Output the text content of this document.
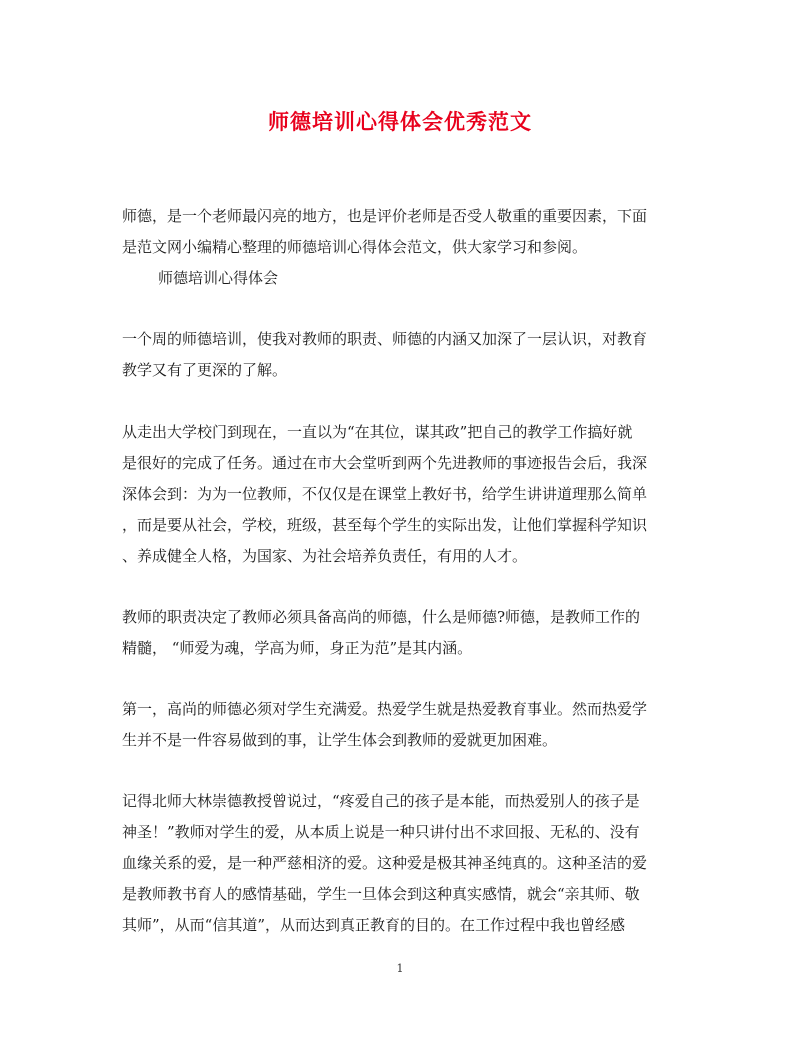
师德培训心得体会优秀范文
师德，是一个老师最闪亮的地方，也是评价老师是否受人敬重的重要因素，下面
是范文网小编精心整理的师德培训心得体会范文，供大家学习和参阅。
师德培训心得体会
一个周的师德培训，使我对教师的职责、师德的内涵又加深了一层认识，对教育
教学又有了更深的了解。
从走出大学校门到现在，一直以为“在其位，谋其政”把自己的教学工作搞好就
是很好的完成了任务。通过在市大会堂听到两个先进教师的事迹报告会后，我深
深体会到：为为一位教师，不仅仅是在课堂上教好书，给学生讲讲道理那么简单
，而是要从社会，学校，班级，甚至每个学生的实际出发，让他们掌握科学知识
、养成健全人格，为国家、为社会培养负责任，有用的人才。
教师的职责决定了教师必须具备高尚的师德，什么是师德?师德，是教师工作的
精髓， “师爱为魂，学高为师，身正为范”是其内涵。
第一，高尚的师德必须对学生充满爱。热爱学生就是热爱教育事业。然而热爱学
生并不是一件容易做到的事，让学生体会到教师的爱就更加困难。
记得北师大林崇德教授曾说过，“疼爱自己的孩子是本能，而热爱别人的孩子是
神圣！”教师对学生的爱，从本质上说是一种只讲付出不求回报、无私的、没有
血缘关系的爱，是一种严慈相济的爱。这种爱是极其神圣纯真的。这种圣洁的爱
是教师教书育人的感情基础，学生一旦体会到这种真实感情，就会“亲其师、敬
其师”，从而“信其道”，从而达到真正教育的目的。在工作过程中我也曾经感
1
